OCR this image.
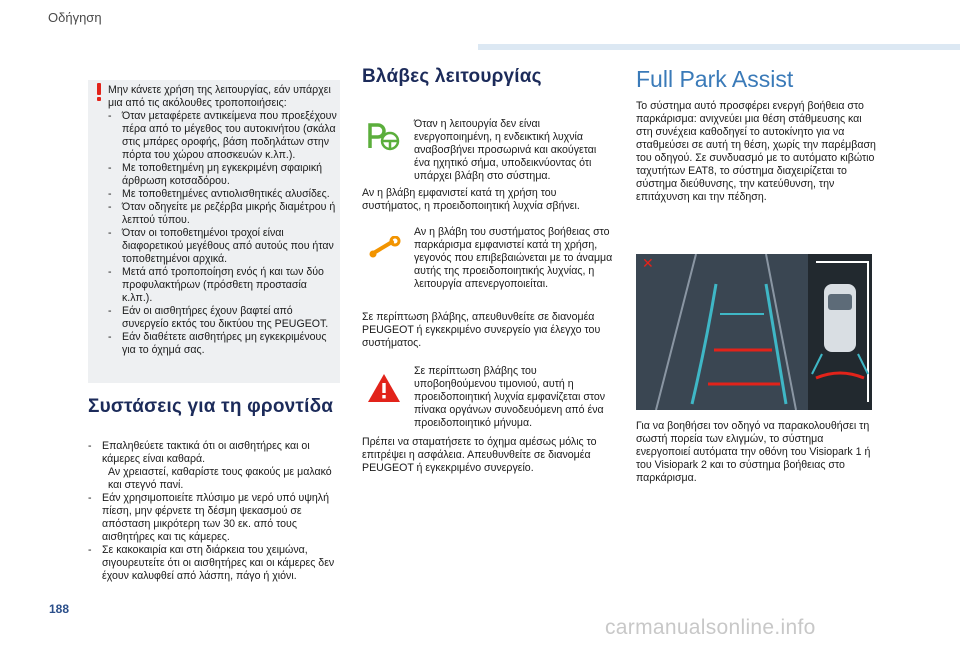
Οδήγηση

Μην κάνετε χρήση της λειτουργίας, εάν υπάρχει μια από τις ακόλουθες τροποποιήσεις:

- Όταν μεταφέρετε αντικείμενα που προεξέχουν πέρα από το μέγεθος του αυτοκινήτου (σκάλα στις μπάρες οροφής, βάση ποδηλάτων στην πόρτα του χώρου αποσκευών κ.λπ.).

- Με τοποθετημένη μη εγκεκριμένη σφαιρική άρθρωση κοτσαδόρου.

- Με τοποθετημένες αντιολισθητικές αλυσίδες.

- Όταν οδηγείτε με ρεζέρβα μικρής διαμέτρου ή λεπτού τύπου.

- Όταν οι τοποθετημένοι τροχοί είναι διαφορετικού μεγέθους από αυτούς που ήταν τοποθετημένοι αρχικά.

- Μετά από τροποποίηση ενός ή και των δύο προφυλακτήρων (πρόσθετη προστασία κ.λπ.).

- Εάν οι αισθητήρες έχουν βαφτεί από συνεργείο εκτός του δικτύου της PEUGEOT.

- Εάν διαθέτετε αισθητήρες μη εγκεκριμένους για το όχημά σας.

Συστάσεις για τη φροντίδα

- Επαληθεύετε τακτικά ότι οι αισθητήρες και οι κάμερες είναι καθαρά.

Αν χρειαστεί, καθαρίστε τους φακούς με μαλακό και στεγνό πανί.

- Εάν χρησιμοποιείτε πλύσιμο με νερό υπό υψηλή πίεση, μην φέρνετε τη δέσμη ψεκασμού σε απόσταση μικρότερη των 30 εκ. από τους αισθητήρες και τις κάμερες.

- Σε κακοκαιρία και στη διάρκεια του χειμώνα, σιγουρευτείτε ότι οι αισθητήρες και οι κάμερες δεν έχουν καλυφθεί από λάσπη, πάγο ή χιόνι.

Βλάβες λειτουργίας
Όταν η λειτουργία δεν είναι ενεργοποιημένη, η ενδεικτική λυχνία αναβοσβήνει προσωρινά και ακούγεται ένα ηχητικό σήμα, υποδεικνύοντας ότι υπάρχει βλάβη στο σύστημα.
Αν η βλάβη εμφανιστεί κατά τη χρήση του συστήματος, η προειδοποιητική λυχνία σβήνει.
Αν η βλάβη του συστήματος βοήθειας στο παρκάρισμα εμφανιστεί κατά τη χρήση, γεγονός που επιβεβαιώνεται με το άναμμα αυτής της προειδοποιητικής λυχνίας, η λειτουργία απενεργοποιείται.
Σε περίπτωση βλάβης, απευθυνθείτε σε διανομέα PEUGEOT ή εγκεκριμένο συνεργείο για έλεγχο του συστήματος.
Σε περίπτωση βλάβης του υποβοηθούμενου τιμονιού, αυτή η προειδοποιητική λυχνία εμφανίζεται στον πίνακα οργάνων συνοδευόμενη από ένα προειδοποιητικό μήνυμα.
Πρέπει να σταματήσετε το όχημα αμέσως μόλις το επιτρέψει η ασφάλεια. Απευθυνθείτε σε διανομέα PEUGEOT ή εγκεκριμένο συνεργείο.
Full Park Assist
Το σύστημα αυτό προσφέρει ενεργή βοήθεια στο παρκάρισμα: ανιχνεύει μια θέση στάθμευσης και στη συνέχεια καθοδηγεί το αυτοκίνητο για να σταθμεύσει σε αυτή τη θέση, χωρίς την παρέμβαση του οδηγού. Σε συνδυασμό με το αυτόματο κιβώτιο ταχυτήτων EAT8, το σύστημα διαχειρίζεται το σύστημα διεύθυνσης, την κατεύθυνση, την επιτάχυνση και την πέδηση.
✕
Για να βοηθήσει τον οδηγό να παρακολουθήσει τη σωστή πορεία των ελιγμών, το σύστημα ενεργοποιεί αυτόματα την οθόνη του Visiopark 1 ή του Visiopark 2 και το σύστημα βοήθειας στο παρκάρισμα.
188
carmanualsonline.info
